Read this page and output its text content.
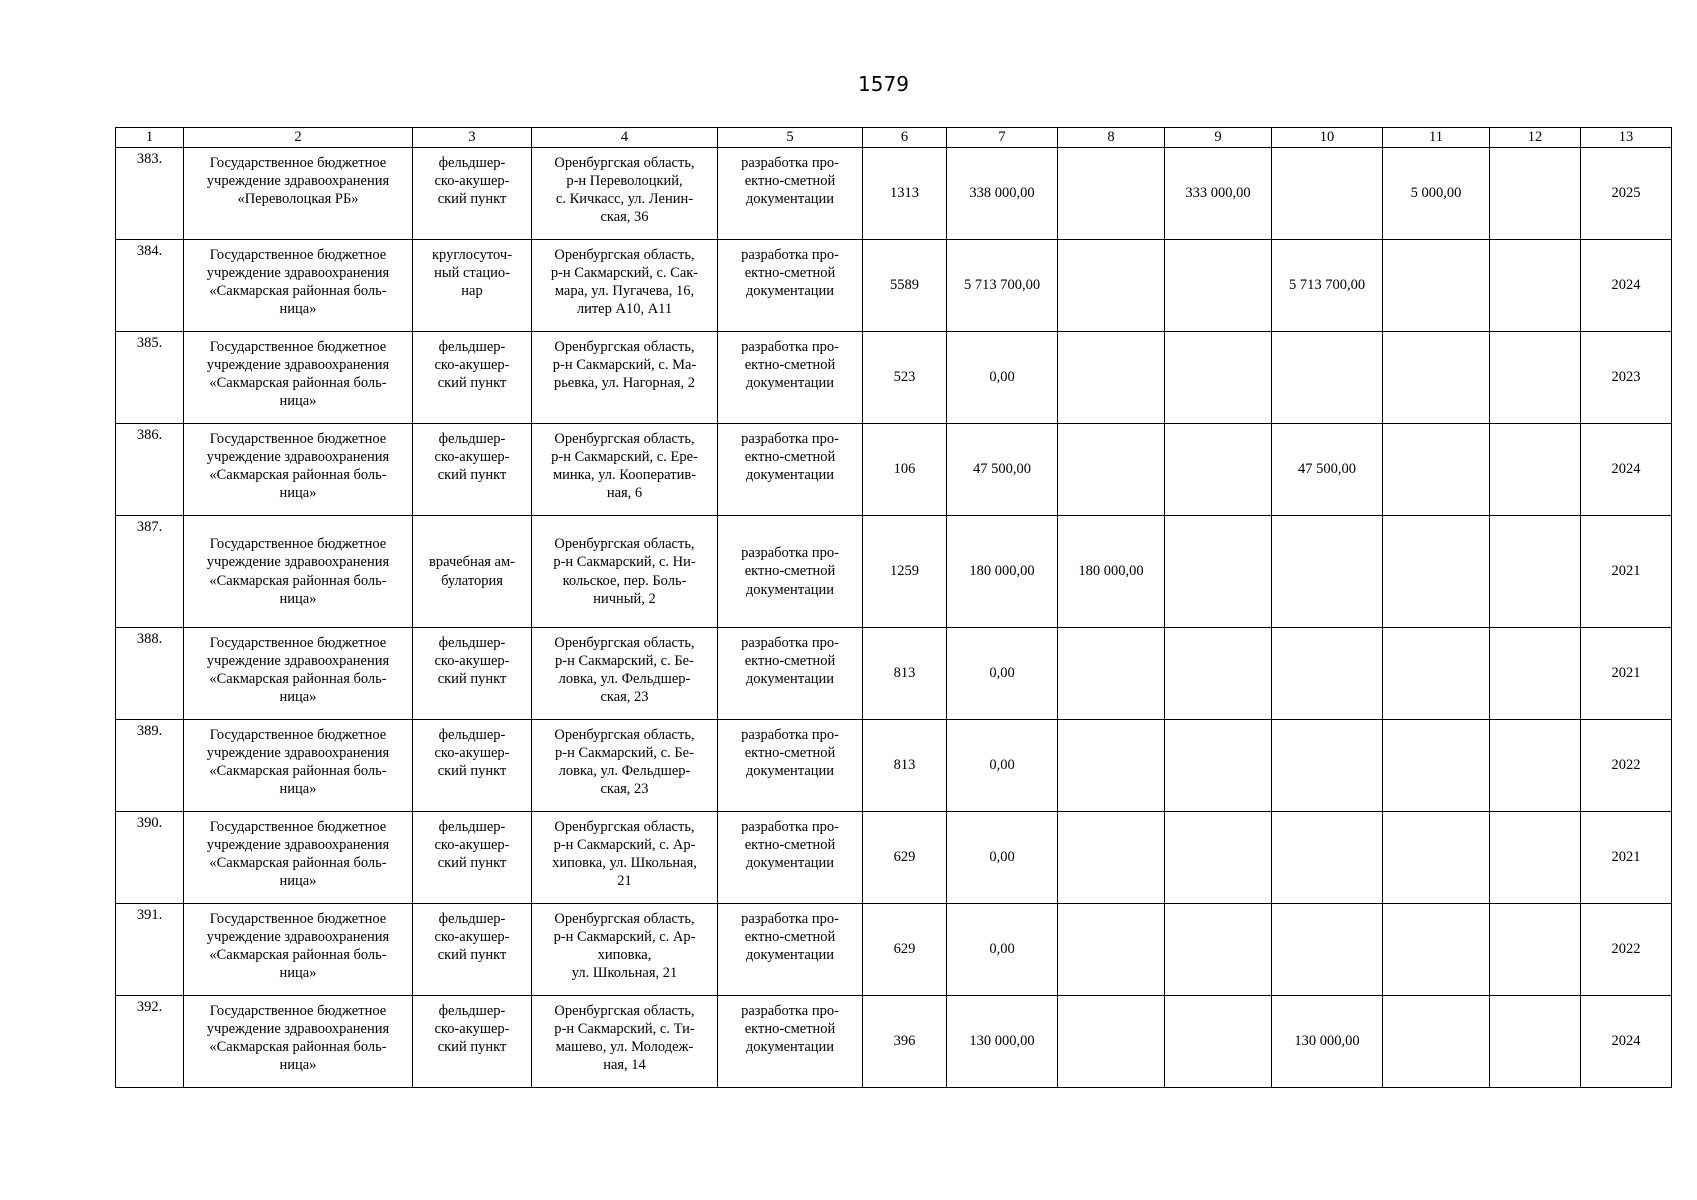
1579
1	2	3	4	5	6	7	8	9	10	11	12	13
383.	Государственное бюджетное
учреждение здравоохранения
«Переволоцкая РБ»	фельдшер-
ско-акушер-
ский пункт	Оренбургская область,
р-н Переволоцкий,
с. Кичкасс, ул. Ленин-
ская, 36	разработка про-
ектно-сметной
документации	1313	338 000,00		333 000,00		5 000,00		2025
384.	Государственное бюджетное
учреждение здравоохранения
«Сакмарская районная боль-
ница»	круглосуточ-
ный стацио-
нар	Оренбургская область,
р-н Сакмарский, с. Сак-
мара, ул. Пугачева, 16,
литер А10, А11	разработка про-
ектно-сметной
документации	5589	5 713 700,00			5 713 700,00			2024
385.	Государственное бюджетное
учреждение здравоохранения
«Сакмарская районная боль-
ница»	фельдшер-
ско-акушер-
ский пункт	Оренбургская область,
р-н Сакмарский, с. Ма-
рьевка, ул. Нагорная, 2	разработка про-
ектно-сметной
документации	523	0,00						2023
386.	Государственное бюджетное
учреждение здравоохранения
«Сакмарская районная боль-
ница»	фельдшер-
ско-акушер-
ский пункт	Оренбургская область,
р-н Сакмарский, с. Ере-
минка, ул. Кооператив-
ная, 6	разработка про-
ектно-сметной
документации	106	47 500,00			47 500,00			2024
387.	Государственное бюджетное
учреждение здравоохранения
«Сакмарская районная боль-
ница»	врачебная ам-
булатория	Оренбургская область,
р-н Сакмарский, с. Ни-
кольское, пер. Боль-
ничный, 2	разработка про-
ектно-сметной
документации	1259	180 000,00	180 000,00					2021
388.	Государственное бюджетное
учреждение здравоохранения
«Сакмарская районная боль-
ница»	фельдшер-
ско-акушер-
ский пункт	Оренбургская область,
р-н Сакмарский, с. Бе-
ловка, ул. Фельдшер-
ская, 23	разработка про-
ектно-сметной
документации	813	0,00						2021
389.	Государственное бюджетное
учреждение здравоохранения
«Сакмарская районная боль-
ница»	фельдшер-
ско-акушер-
ский пункт	Оренбургская область,
р-н Сакмарский, с. Бе-
ловка, ул. Фельдшер-
ская, 23	разработка про-
ектно-сметной
документации	813	0,00						2022
390.	Государственное бюджетное
учреждение здравоохранения
«Сакмарская районная боль-
ница»	фельдшер-
ско-акушер-
ский пункт	Оренбургская область,
р-н Сакмарский, с. Ар-
хиповка, ул. Школьная,
21	разработка про-
ектно-сметной
документации	629	0,00						2021
391.	Государственное бюджетное
учреждение здравоохранения
«Сакмарская районная боль-
ница»	фельдшер-
ско-акушер-
ский пункт	Оренбургская область,
р-н Сакмарский, с. Ар-
хиповка,
ул. Школьная, 21	разработка про-
ектно-сметной
документации	629	0,00						2022
392.	Государственное бюджетное
учреждение здравоохранения
«Сакмарская районная боль-
ница»	фельдшер-
ско-акушер-
ский пункт	Оренбургская область,
р-н Сакмарский, с. Ти-
машево, ул. Молодеж-
ная, 14	разработка про-
ектно-сметной
документации	396	130 000,00			130 000,00			2024
